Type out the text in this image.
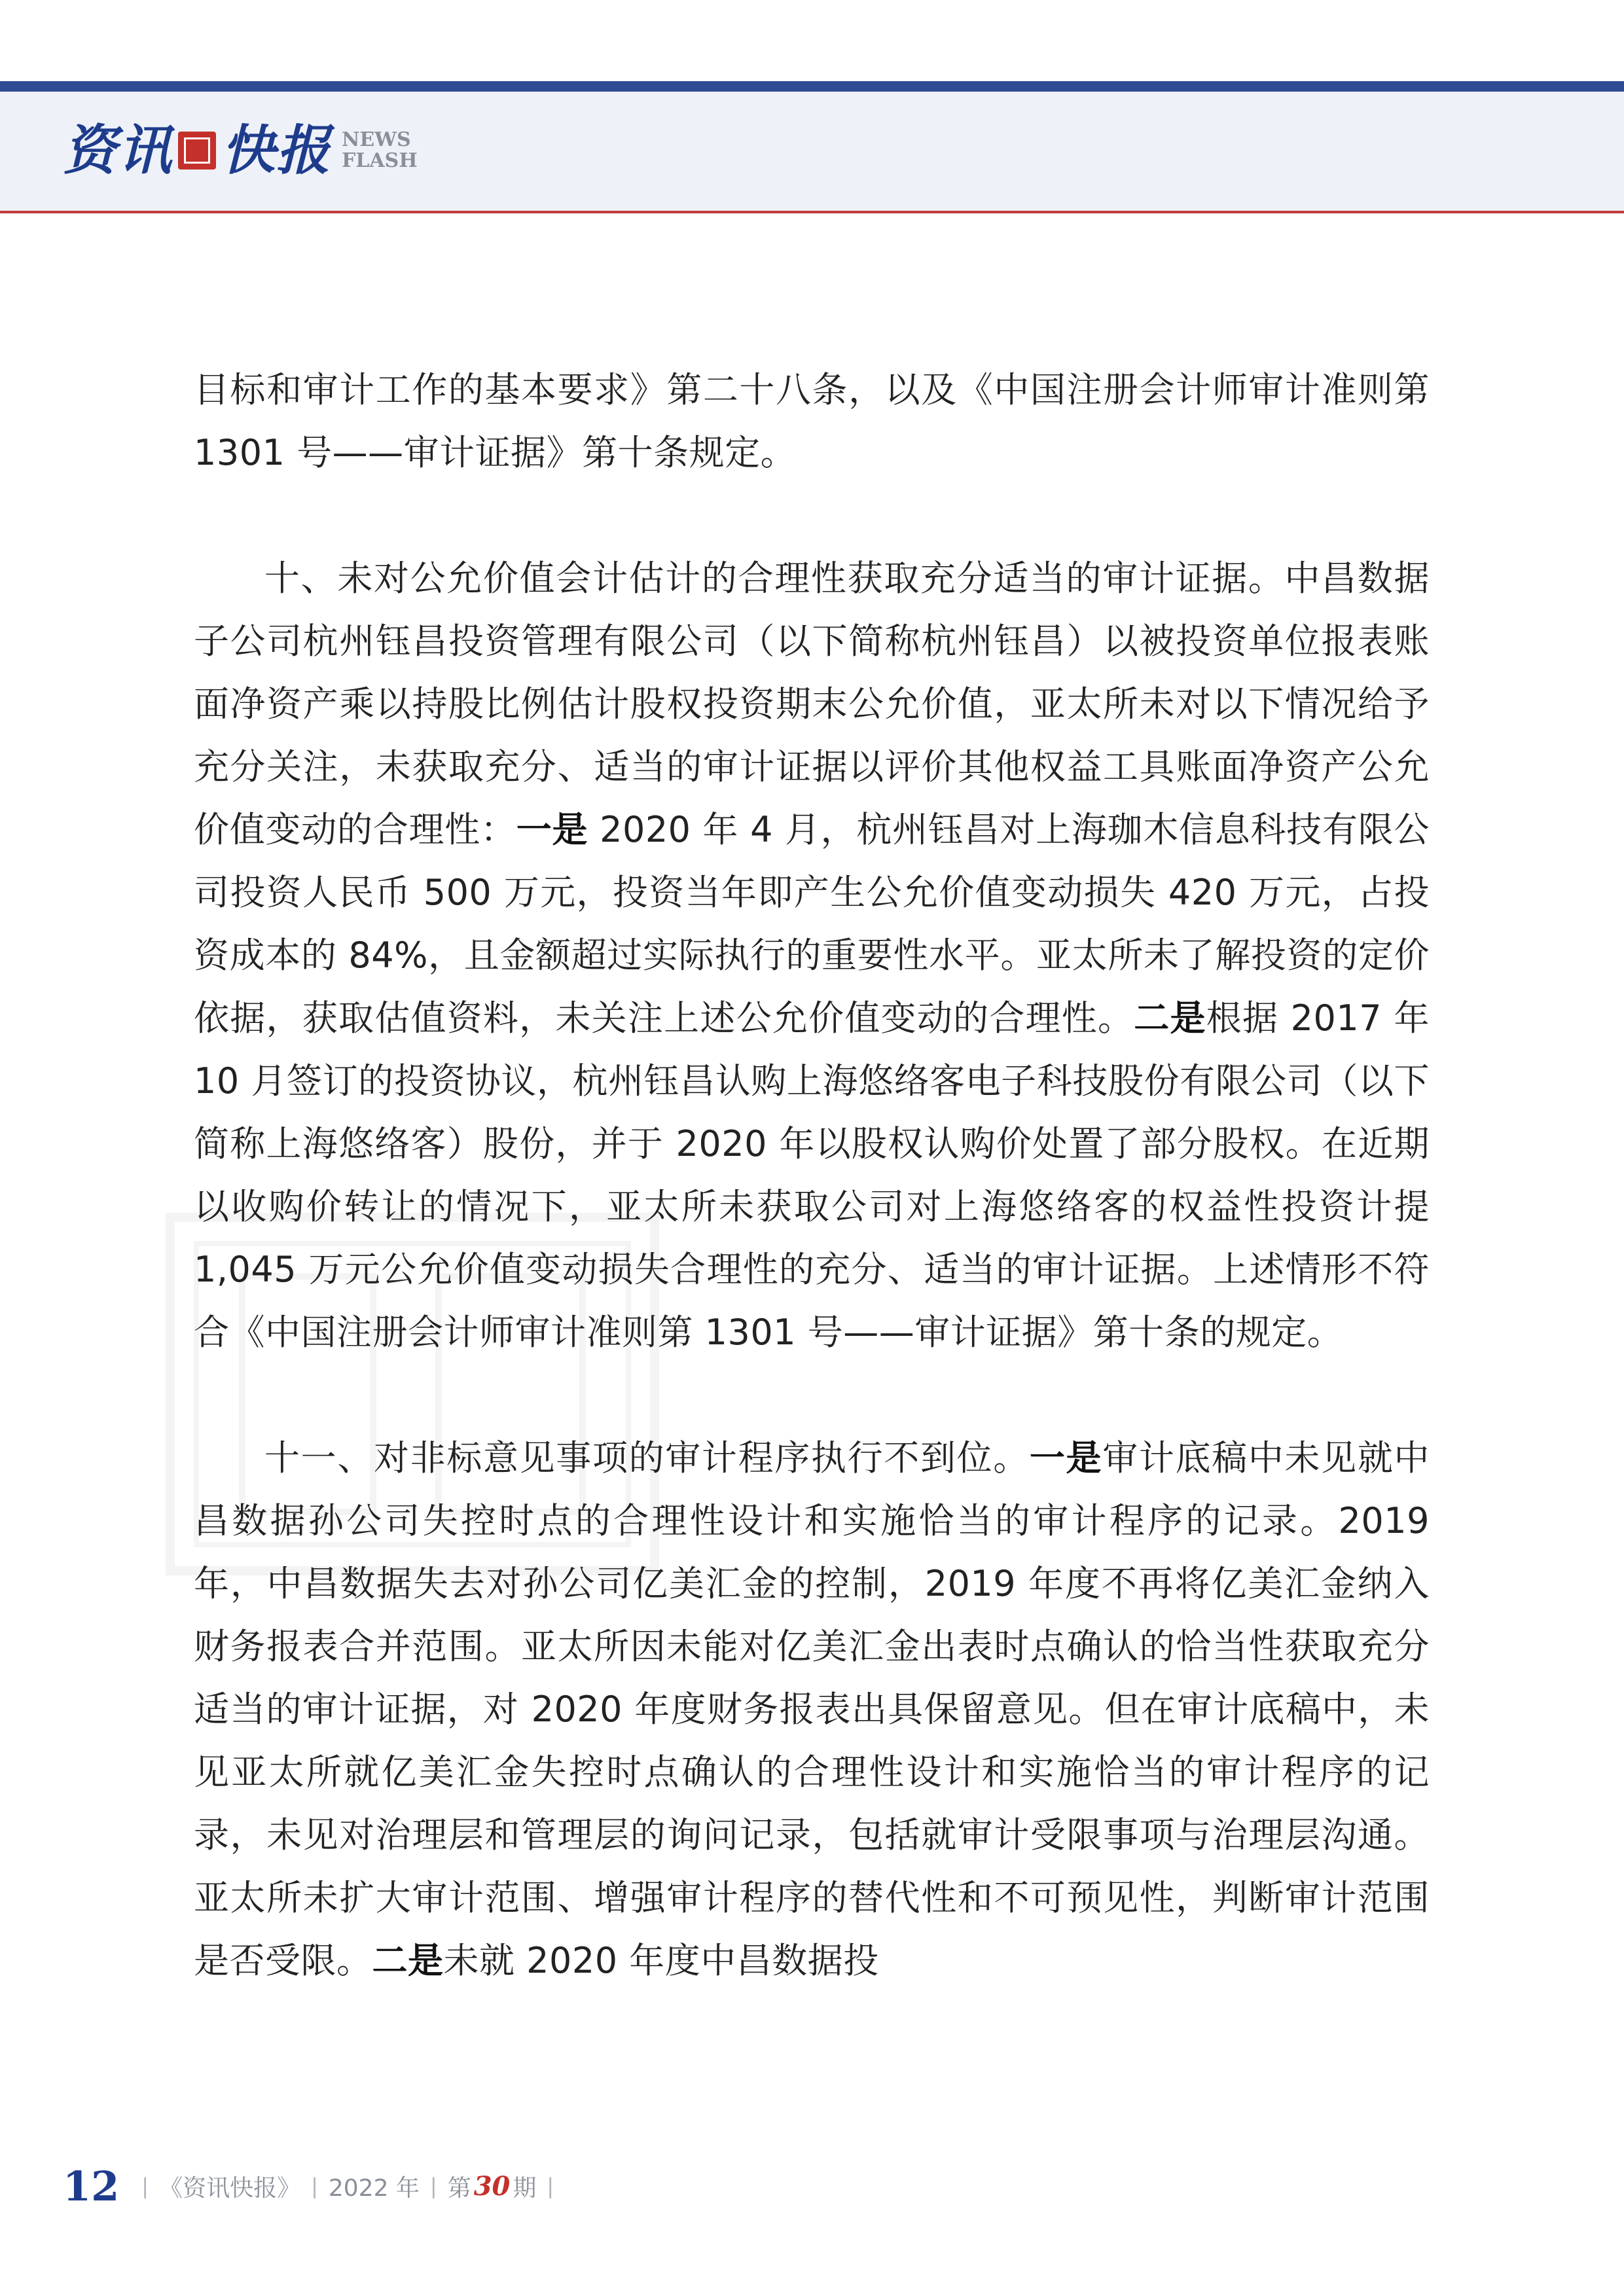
资讯 快报 NEWS
FLASH

目标和审计工作的基本要求》第二十八条，以及《中国注册会计师审计准则第 1301 号——审计证据》第十条规定。

十、未对公允价值会计估计的合理性获取充分适当的审计证据。中昌数据子公司杭州钰昌投资管理有限公司（以下简称杭州钰昌）以被投资单位报表账面净资产乘以持股比例估计股权投资期末公允价值，亚太所未对以下情况给予充分关注，未获取充分、适当的审计证据以评价其他权益工具账面净资产公允价值变动的合理性：一是 2020 年 4 月，杭州钰昌对上海珈木信息科技有限公司投资人民币 500 万元，投资当年即产生公允价值变动损失 420 万元，占投资成本的 84%，且金额超过实际执行的重要性水平。亚太所未了解投资的定价依据，获取估值资料，未关注上述公允价值变动的合理性。二是根据 2017 年 10 月签订的投资协议，杭州钰昌认购上海悠络客电子科技股份有限公司（以下简称上海悠络客）股份，并于 2020 年以股权认购价处置了部分股权。在近期以收购价转让的情况下，亚太所未获取公司对上海悠络客的权益性投资计提 1,045 万元公允价值变动损失合理性的充分、适当的审计证据。上述情形不符合《中国注册会计师审计准则第 1301 号——审计证据》第十条的规定。

十一、对非标意见事项的审计程序执行不到位。一是审计底稿中未见就中昌数据孙公司失控时点的合理性设计和实施恰当的审计程序的记录。2019 年，中昌数据失去对孙公司亿美汇金的控制，2019 年度不再将亿美汇金纳入财务报表合并范围。亚太所因未能对亿美汇金出表时点确认的恰当性获取充分适当的审计证据，对 2020 年度财务报表出具保留意见。但在审计底稿中，未见亚太所就亿美汇金失控时点确认的合理性设计和实施恰当的审计程序的记录，未见对治理层和管理层的询问记录，包括就审计受限事项与治理层沟通。亚太所未扩大审计范围、增强审计程序的替代性和不可预见性，判断审计范围是否受限。二是未就 2020 年度中昌数据投

12 | 《资讯快报》 | 2022 年 | 第 30 期 |
